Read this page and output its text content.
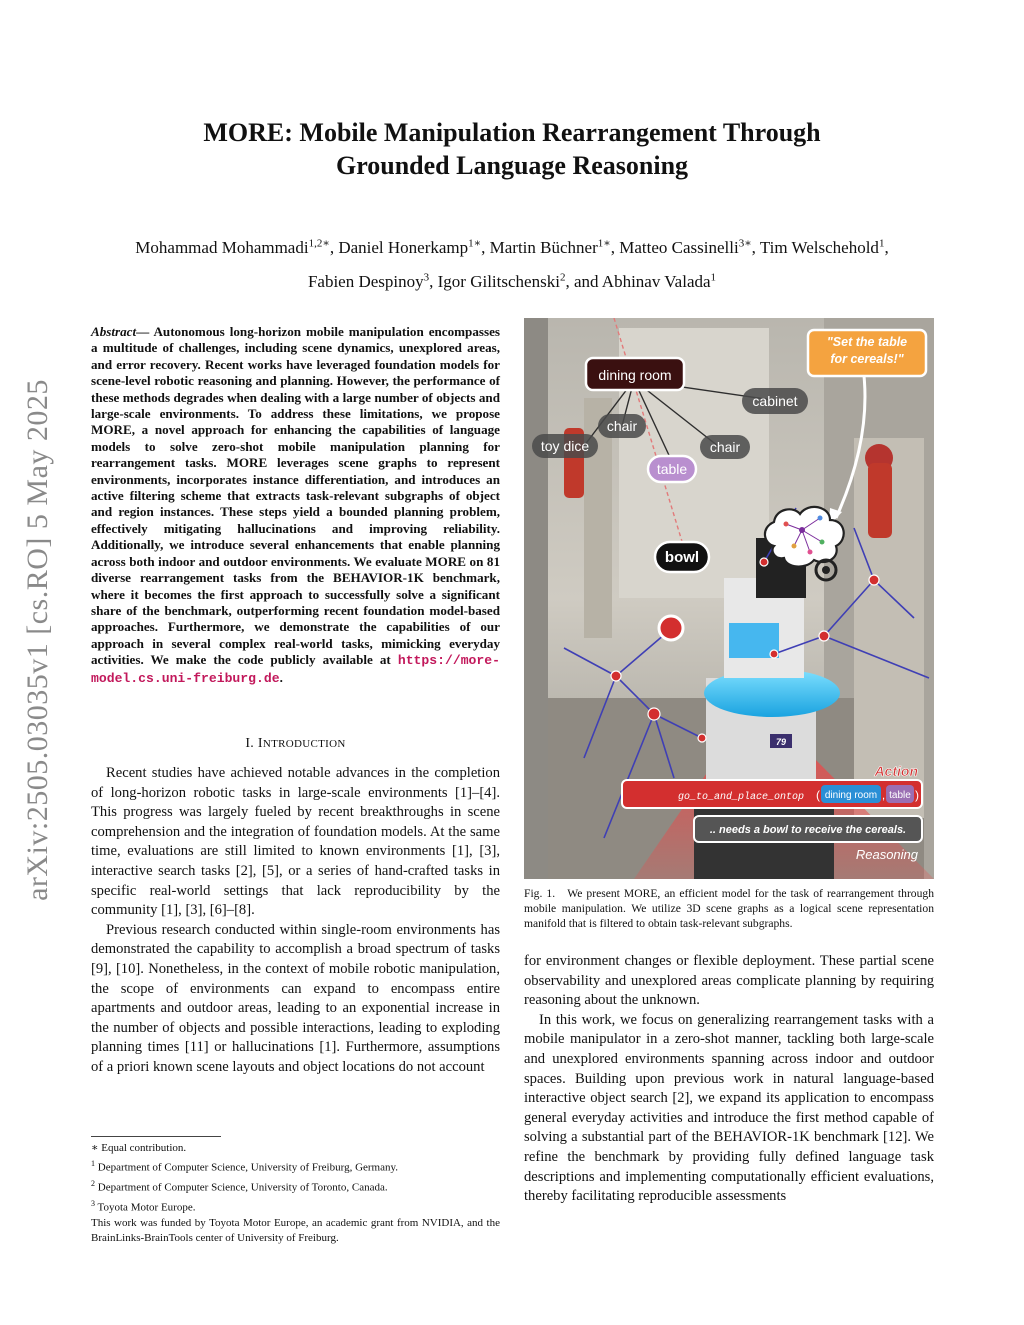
arXiv:2505.03035v1 [cs.RO] 5 May 2025
MORE: Mobile Manipulation Rearrangement Through
Grounded Language Reasoning
Mohammad Mohammadi$^{1,2∗}$, Daniel Honerkamp$^{1∗}$, Martin Büchner$^{1∗}$, Matteo Cassinelli$^{3∗}$, Tim Welschehold$^1$,
Fabien Despinoy$^3$, Igor Gilitschenski$^2$, and Abhinav Valada$^1$
Abstract— Autonomous long-horizon mobile manipulation encompasses a multitude of challenges, including scene dynamics, unexplored areas, and error recovery. Recent works have leveraged foundation models for scene-level robotic reasoning and planning. However, the performance of these methods degrades when dealing with a large number of objects and large-scale environments. To address these limitations, we propose MORE, a novel approach for enhancing the capabilities of language models to solve zero-shot mobile manipulation planning for rearrangement tasks. MORE leverages scene graphs to represent environments, incorporates instance differentiation, and introduces an active filtering scheme that extracts task-relevant subgraphs of object and region instances. These steps yield a bounded planning problem, effectively mitigating hallucinations and improving reliability. Additionally, we introduce several enhancements that enable planning across both indoor and outdoor environments. We evaluate MORE on 81 diverse rearrangement tasks from the BEHAVIOR-1K benchmark, where it becomes the first approach to successfully solve a significant share of the benchmark, outperforming recent foundation model-based approaches. Furthermore, we demonstrate the capabilities of our approach in several complex real-world tasks, mimicking everyday activities. We make the code publicly available at https://more-model.cs.uni-freiburg.de.
I. INTRODUCTION

Recent studies have achieved notable advances in the completion of long-horizon robotic tasks in large-scale environments [1]–[4]. This progress was largely fueled by recent breakthroughs in scene comprehension and the integration of foundation models. At the same time, evaluations are still limited to known environments [1], [3], interactive search tasks [2], [5], or a series of hand-crafted tasks in specific real-world settings that lack reproducibility by the community [1], [3], [6]–[8].

Previous research conducted within single-room environments has demonstrated the capability to accomplish a broad spectrum of tasks [9], [10]. Nonetheless, in the context of mobile robotic manipulation, the scope of environments can expand to encompass entire apartments and outdoor areas, leading to an exponential increase in the number of objects and possible interactions, leading to exploding planning times [11] or hallucinations [1]. Furthermore, assumptions of a priori known scene layouts and object locations do not account

∗ Equal contribution.
$^1$ Department of Computer Science, University of Freiburg, Germany.
$^2$ Department of Computer Science, University of Toronto, Canada.
$^3$ Toyota Motor Europe.
This work was funded by Toyota Motor Europe, an academic grant from NVIDIA, and the BrainLinks-BrainTools center of University of Freiburg.
79
"Set the table
for cereals!"
dining room
cabinet
chair
toy dice	chair
table
bowl
Action
go_to_and_place_ontop ( dining room , table )
.. needs a bowl to receive the cereals.
Reasoning
Fig. 1. We present MORE, an efficient model for the task of rearrangement through mobile manipulation. We utilize 3D scene graphs as a logical scene representation manifold that is filtered to obtain task-relevant subgraphs.

for environment changes or flexible deployment. These partial scene observability and unexplored areas complicate planning by requiring reasoning about the unknown.

In this work, we focus on generalizing rearrangement tasks with a mobile manipulator in a zero-shot manner, tackling both large-scale and unexplored environments spanning across indoor and outdoor spaces. Building upon previous work in natural language-based interactive object search [2], we expand its application to encompass general everyday activities and introduce the first method capable of solving a substantial part of the BEHAVIOR-1K benchmark [12]. We refine the benchmark by providing fully defined language task descriptions and implementing computationally efficient evaluations, thereby facilitating reproducible assessments
